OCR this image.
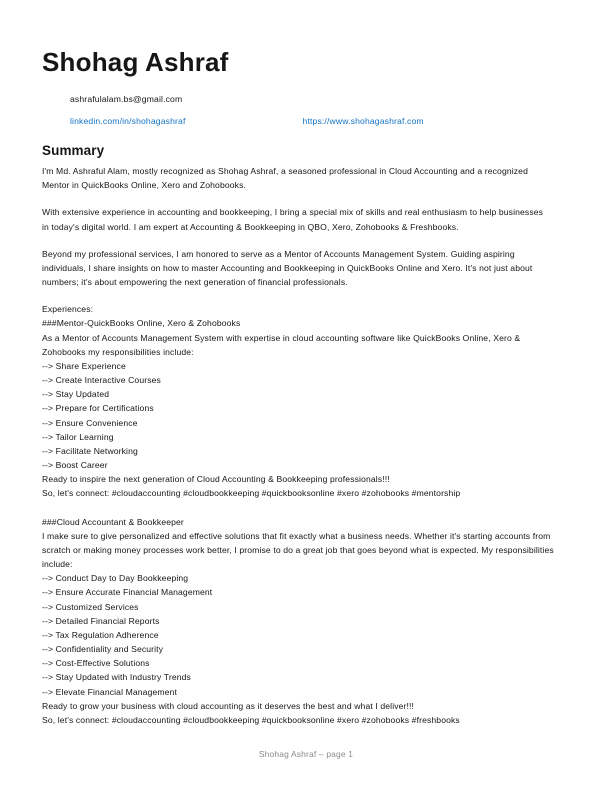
Shohag Ashraf
ashrafulalam.bs@gmail.com
linkedin.com/in/shohagashraf	https://www.shohagashraf.com
Summary

I'm Md. Ashraful Alam, mostly recognized as Shohag Ashraf, a seasoned professional in Cloud Accounting and a recognized Mentor in QuickBooks Online, Xero and Zohobooks.

With extensive experience in accounting and bookkeeping, I bring a special mix of skills and real enthusiasm to help businesses in today's digital world. I am expert at Accounting & Bookkeeping in QBO, Xero, Zohobooks & Freshbooks.

Beyond my professional services, I am honored to serve as a Mentor of Accounts Management System. Guiding aspiring individuals, I share insights on how to master Accounting and Bookkeeping in QuickBooks Online and Xero. It's not just about numbers; it's about empowering the next generation of financial professionals.

Experiences:
###Mentor-QuickBooks Online, Xero & Zohobooks
As a Mentor of Accounts Management System with expertise in cloud accounting software like QuickBooks Online, Xero & Zohobooks my responsibilities include:
--> Share Experience
--> Create Interactive Courses
--> Stay Updated
--> Prepare for Certifications
--> Ensure Convenience
--> Tailor Learning
--> Facilitate Networking
--> Boost Career
Ready to inspire the next generation of Cloud Accounting & Bookkeeping professionals!!!
So, let's connect: #cloudaccounting #cloudbookkeeping #quickbooksonline #xero #zohobooks #mentorship
###Cloud Accountant & Bookkeeper
I make sure to give personalized and effective solutions that fit exactly what a business needs. Whether it's starting accounts from scratch or making money processes work better, I promise to do a great job that goes beyond what is expected. My responsibilities include:
--> Conduct Day to Day Bookkeeping
--> Ensure Accurate Financial Management
--> Customized Services
--> Detailed Financial Reports
--> Tax Regulation Adherence
--> Confidentiality and Security
--> Cost-Effective Solutions
--> Stay Updated with Industry Trends
--> Elevate Financial Management
Ready to grow your business with cloud accounting as it deserves the best and what I deliver!!!
So, let's connect: #cloudaccounting #cloudbookkeeping #quickbooksonline #xero #zohobooks #freshbooks
Shohag Ashraf – page 1
